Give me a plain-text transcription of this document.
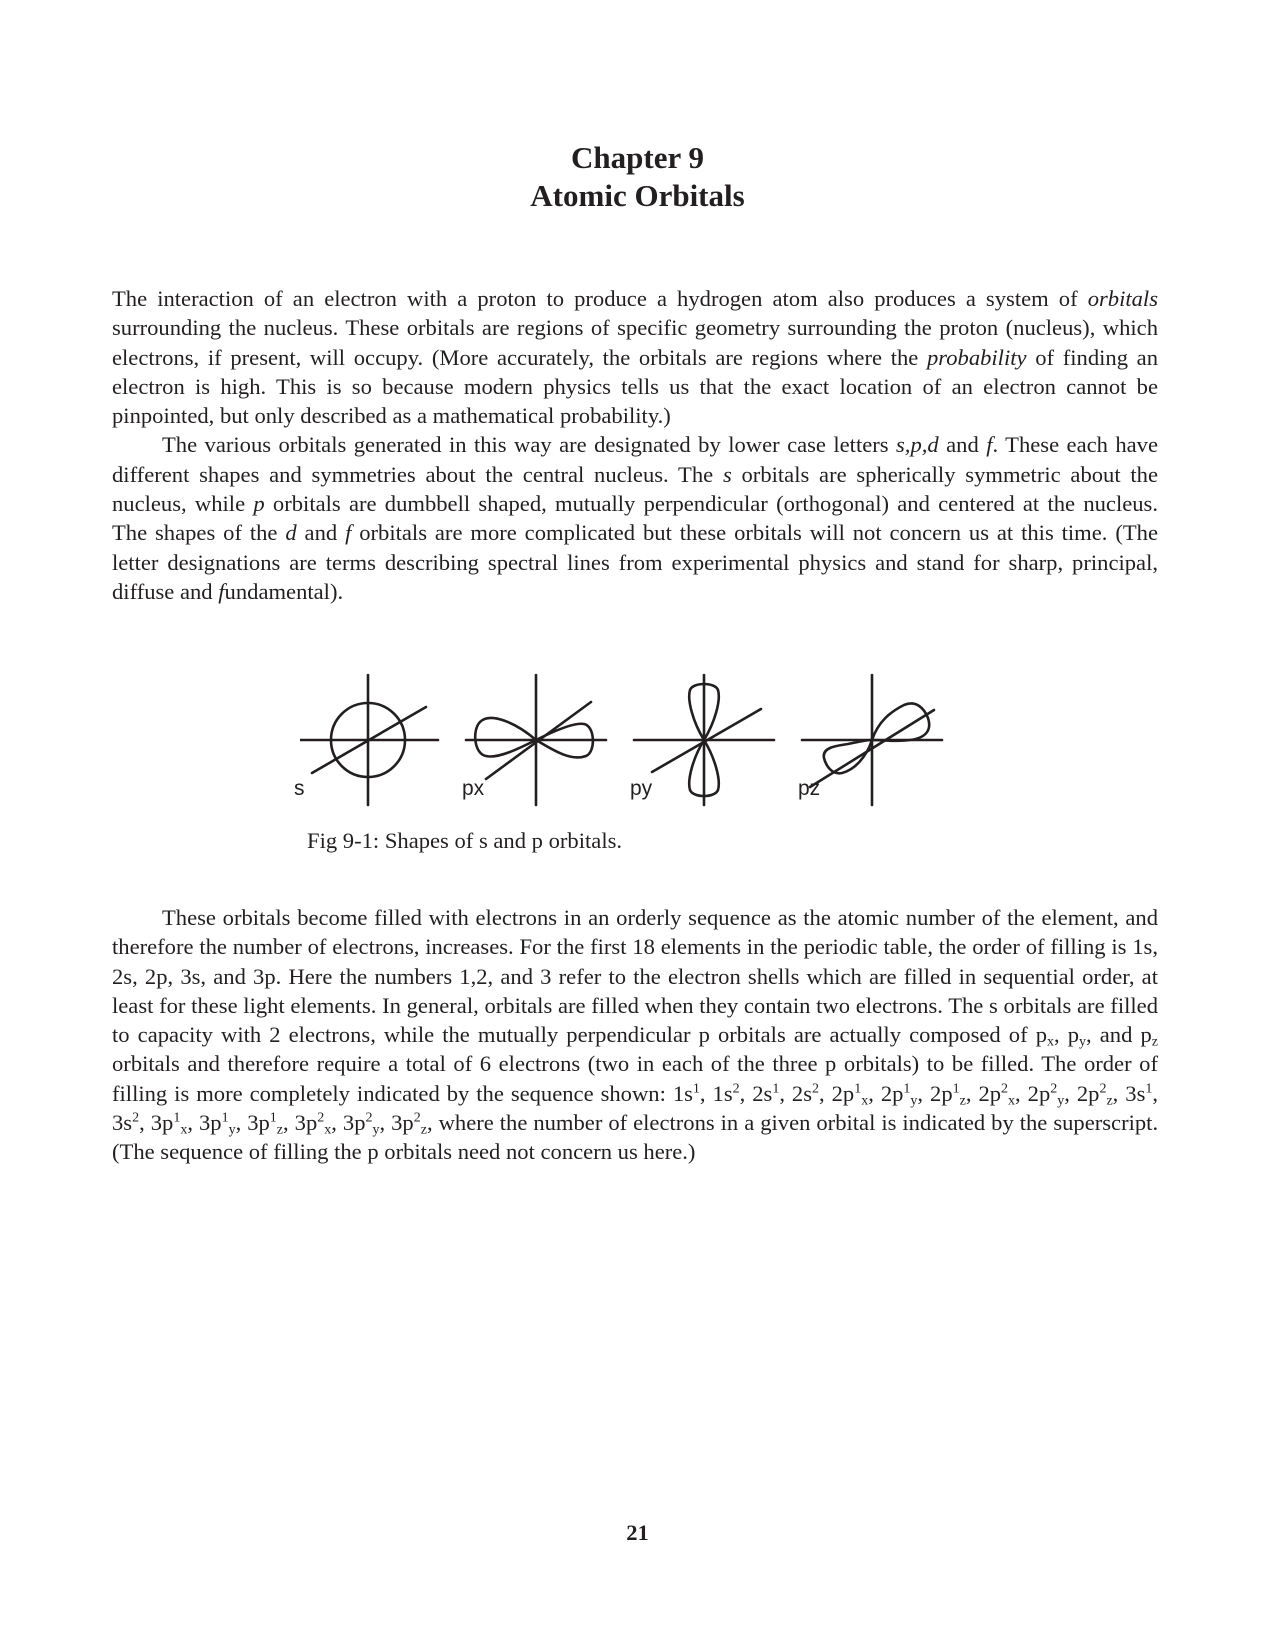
Chapter 9
Atomic Orbitals

The interaction of an electron with a proton to produce a hydrogen atom also produces a system of orbitals surrounding the nucleus. These orbitals are regions of specific geometry surrounding the proton (nucleus), which electrons, if present, will occupy. (More accurately, the orbitals are regions where the probability of finding an electron is high. This is so because modern physics tells us that the exact location of an electron cannot be pinpointed, but only described as a mathematical probability.)

The various orbitals generated in this way are designated by lower case letters s,p,d and f. These each have different shapes and symmetries about the central nucleus. The s orbitals are spherically symmetric about the nucleus, while p orbitals are dumbbell shaped, mutually perpendicular (orthogonal) and centered at the nucleus. The shapes of the d and f orbitals are more complicated but these orbitals will not concern us at this time. (The letter designations are terms describing spectral lines from experimental physics and stand for sharp, principal, diffuse and fundamental).

s	px	py	pz
Fig 9-1: Shapes of s and p orbitals.

These orbitals become filled with electrons in an orderly sequence as the atomic number of the element, and therefore the number of electrons, increases. For the first 18 elements in the periodic table, the order of filling is 1s, 2s, 2p, 3s, and 3p. Here the numbers 1,2, and 3 refer to the electron shells which are filled in sequential order, at least for these light elements. In general, orbitals are filled when they contain two electrons. The s orbitals are filled to capacity with 2 electrons, while the mutually perpendicular p orbitals are actually composed of $p_x$, $p_y$, and $p_z$ orbitals and therefore require a total of 6 electrons (two in each of the three p orbitals) to be filled. The order of filling is more completely indicated by the sequence shown: $1s^1$, $1s^2$, $2s^1$, $2s^2$, $2p^1_x$, $2p^1_y$, $2p^1_z$, $2p^2_x$, $2p^2_y$, $2p^2_z$, $3s^1$, $3s^2$, $3p^1_x$, $3p^1_y$, $3p^1_z$, $3p^2_x$, $3p^2_y$, $3p^2_z$, where the number of electrons in a given orbital is indicated by the superscript. (The sequence of filling the p orbitals need not concern us here.)

21
